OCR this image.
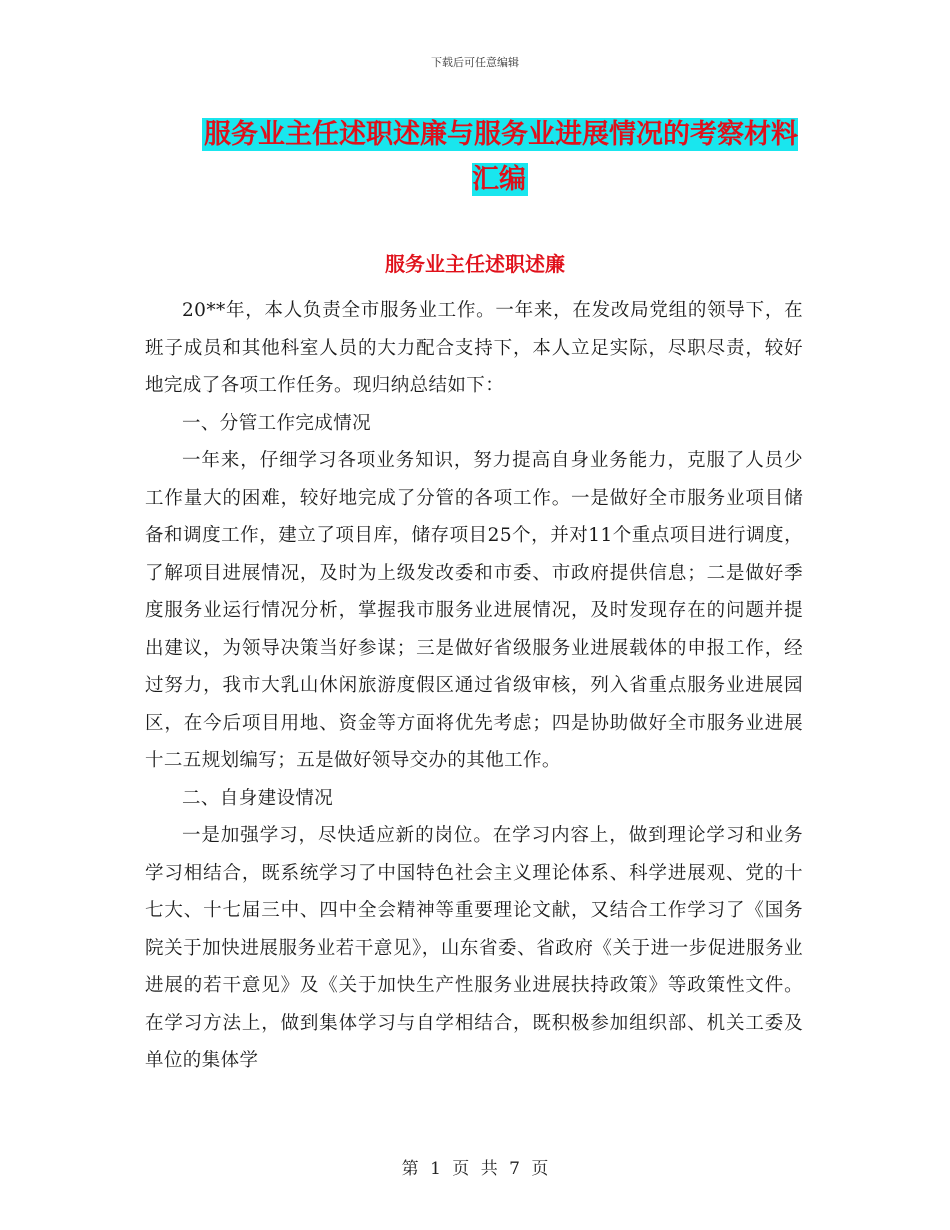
下载后可任意编辑
服务业主任述职述廉与服务业进展情况的考察材料汇编
服务业主任述职述廉

20**年，本人负责全市服务业工作。一年来，在发改局党组的领导下，在班子成员和其他科室人员的大力配合支持下，本人立足实际，尽职尽责，较好地完成了各项工作任务。现归纳总结如下：

一、分管工作完成情况

一年来，仔细学习各项业务知识，努力提高自身业务能力，克服了人员少工作量大的困难，较好地完成了分管的各项工作。一是做好全市服务业项目储备和调度工作，建立了项目库，储存项目25个，并对11个重点项目进行调度，了解项目进展情况，及时为上级发改委和市委、市政府提供信息；二是做好季度服务业运行情况分析，掌握我市服务业进展情况，及时发现存在的问题并提出建议，为领导决策当好参谋；三是做好省级服务业进展载体的申报工作，经过努力，我市大乳山休闲旅游度假区通过省级审核，列入省重点服务业进展园区，在今后项目用地、资金等方面将优先考虑；四是协助做好全市服务业进展十二五规划编写；五是做好领导交办的其他工作。

二、自身建设情况

一是加强学习，尽快适应新的岗位。在学习内容上，做到理论学习和业务学习相结合，既系统学习了中国特色社会主义理论体系、科学进展观、党的十七大、十七届三中、四中全会精神等重要理论文献，又结合工作学习了《国务院关于加快进展服务业若干意见》，山东省委、省政府《关于进一步促进服务业进展的若干意见》及《关于加快生产性服务业进展扶持政策》等政策性文件。在学习方法上，做到集体学习与自学相结合，既积极参加组织部、机关工委及单位的集体学

第 1 页 共 7 页
